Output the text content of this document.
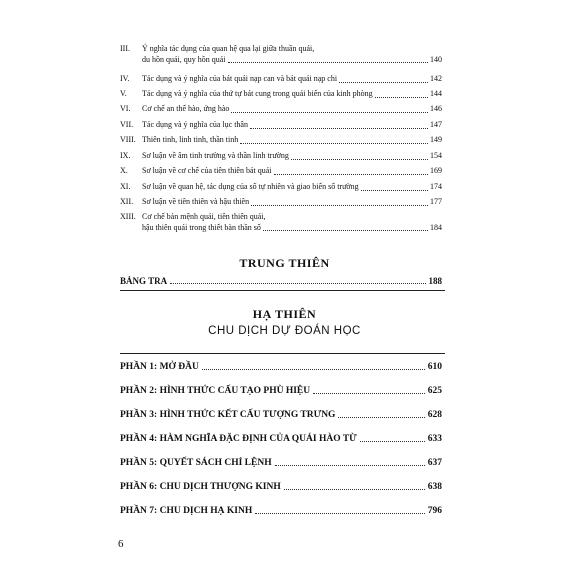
III.	Ý nghĩa tác dụng của quan hệ qua lại giữa thuần quái,
du hồn quái, quy hồn quái	140
IV.	Tác dụng và ý nghĩa của bát quái nạp can và bát quái nạp chi	142
V.	Tác dụng và ý nghĩa của thứ tự bát cung trong quái biến của kinh phòng	144
VI.	Cơ chế an thế hào, ứng hào	146
VII.	Tác dụng và ý nghĩa của lục thân	147
VIII. Thiên tinh, linh tinh, thần tinh	149
IX.	Sơ luận về âm tinh trường và thần linh trường	154
X.	Sơ luận về cơ chế của tiên thiên bát quái	169
XI.	Sơ luận về quan hệ, tác dụng của số tự nhiên và giao biến số trường	174
XII.	Sơ luận về tiên thiên và hậu thiên	177
XIII. Cơ chế bản mệnh quái, tiên thiên quái,
hậu thiên quái trong thiết bàn thần số	184
TRUNG THIÊN
BẢNG TRA	188
HẠ THIÊN
CHU DỊCH DỰ ĐOÁN HỌC
PHẦN 1: MỞ ĐẦU	610
PHẦN 2: HÌNH THỨC CẤU TẠO PHÙ HIỆU	625
PHẦN 3: HÌNH THỨC KẾT CẤU TƯỢNG TRƯNG	628
PHẦN 4: HÀM NGHĨA ĐẶC ĐỊNH CỦA QUÁI HÀO TỪ	633
PHẦN 5: QUYẾT SÁCH CHỈ LỆNH	637
PHẦN 6: CHU DỊCH THƯỢNG KINH	638
PHẦN 7: CHU DỊCH HẠ KINH	796
6
